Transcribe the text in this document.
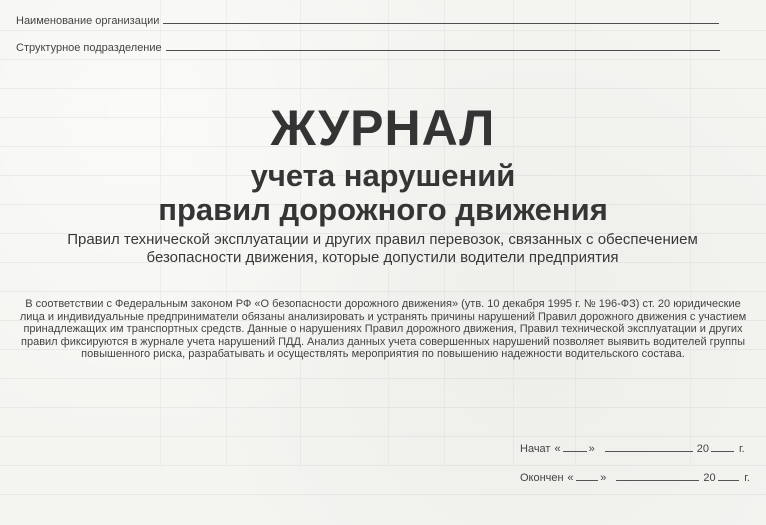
Наименование организации
Структурное подразделение
ЖУРНАЛ
учета нарушений
правил дорожного движения
Правил технической эксплуатации и других правил перевозок, связанных с обеспечением безопасности движения, которые допустили водители предприятия
В соответствии с Федеральным законом РФ «О безопасности дорожного движения» (утв. 10 декабря 1995 г. № 196-ФЗ) ст. 20 юридические лица и индивидуальные предприниматели обязаны анализировать и устранять причины нарушений Правил дорожного движения с участием принадлежащих им транспортных средств. Данные о нарушениях Правил дорожного движения, Правил технической эксплуатации и других правил фиксируются в журнале учета нарушений ПДД. Анализ данных учета совершенных нарушений позволяет выявить водителей группы повышенного риска, разрабатывать и осуществлять мероприятия по повышению надежности водительского состава.
Начат «	»	20	г.
Окончен « »	20	г.
